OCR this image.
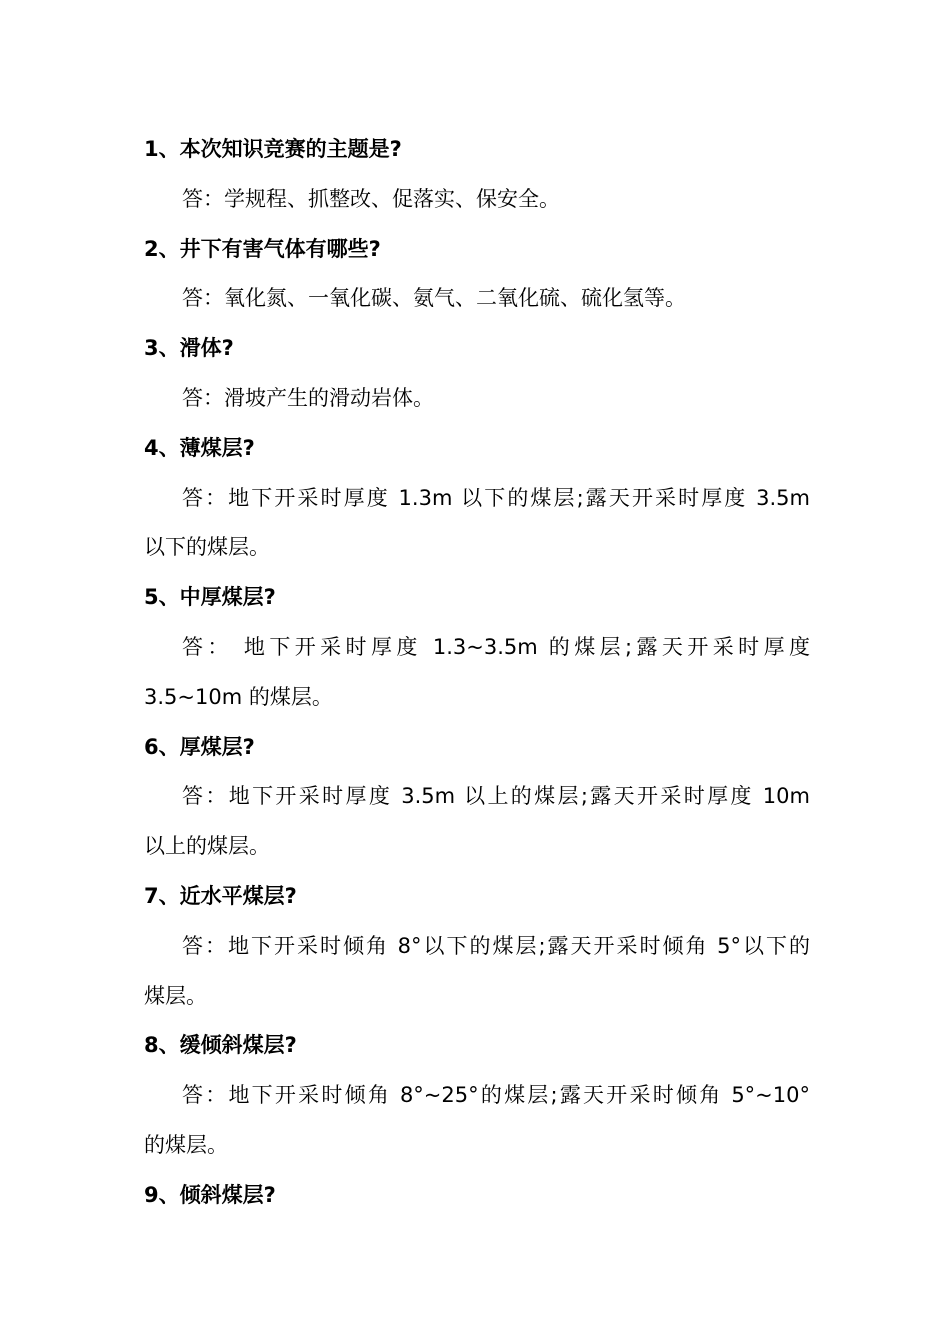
1、本次知识竞赛的主题是?
答：学规程、抓整改、促落实、保安全。
2、井下有害气体有哪些?
答：氧化氮、一氧化碳、氨气、二氧化硫、硫化氢等。
3、滑体?
答：滑坡产生的滑动岩体。
4、薄煤层?
答：地下开采时厚度 1.3m 以下的煤层;露天开采时厚度 3.5m
以下的煤层。
5、中厚煤层?
答： 地下开采时厚度 1.3~3.5m 的煤层;露天开采时厚度
3.5~10m 的煤层。
6、厚煤层?
答：地下开采时厚度 3.5m 以上的煤层;露天开采时厚度 10m
以上的煤层。
7、近水平煤层?
答：地下开采时倾角 8°以下的煤层;露天开采时倾角 5°以下的
煤层。
8、缓倾斜煤层?
答：地下开采时倾角 8°~25°的煤层;露天开采时倾角 5°~10°
的煤层。
9、倾斜煤层?
